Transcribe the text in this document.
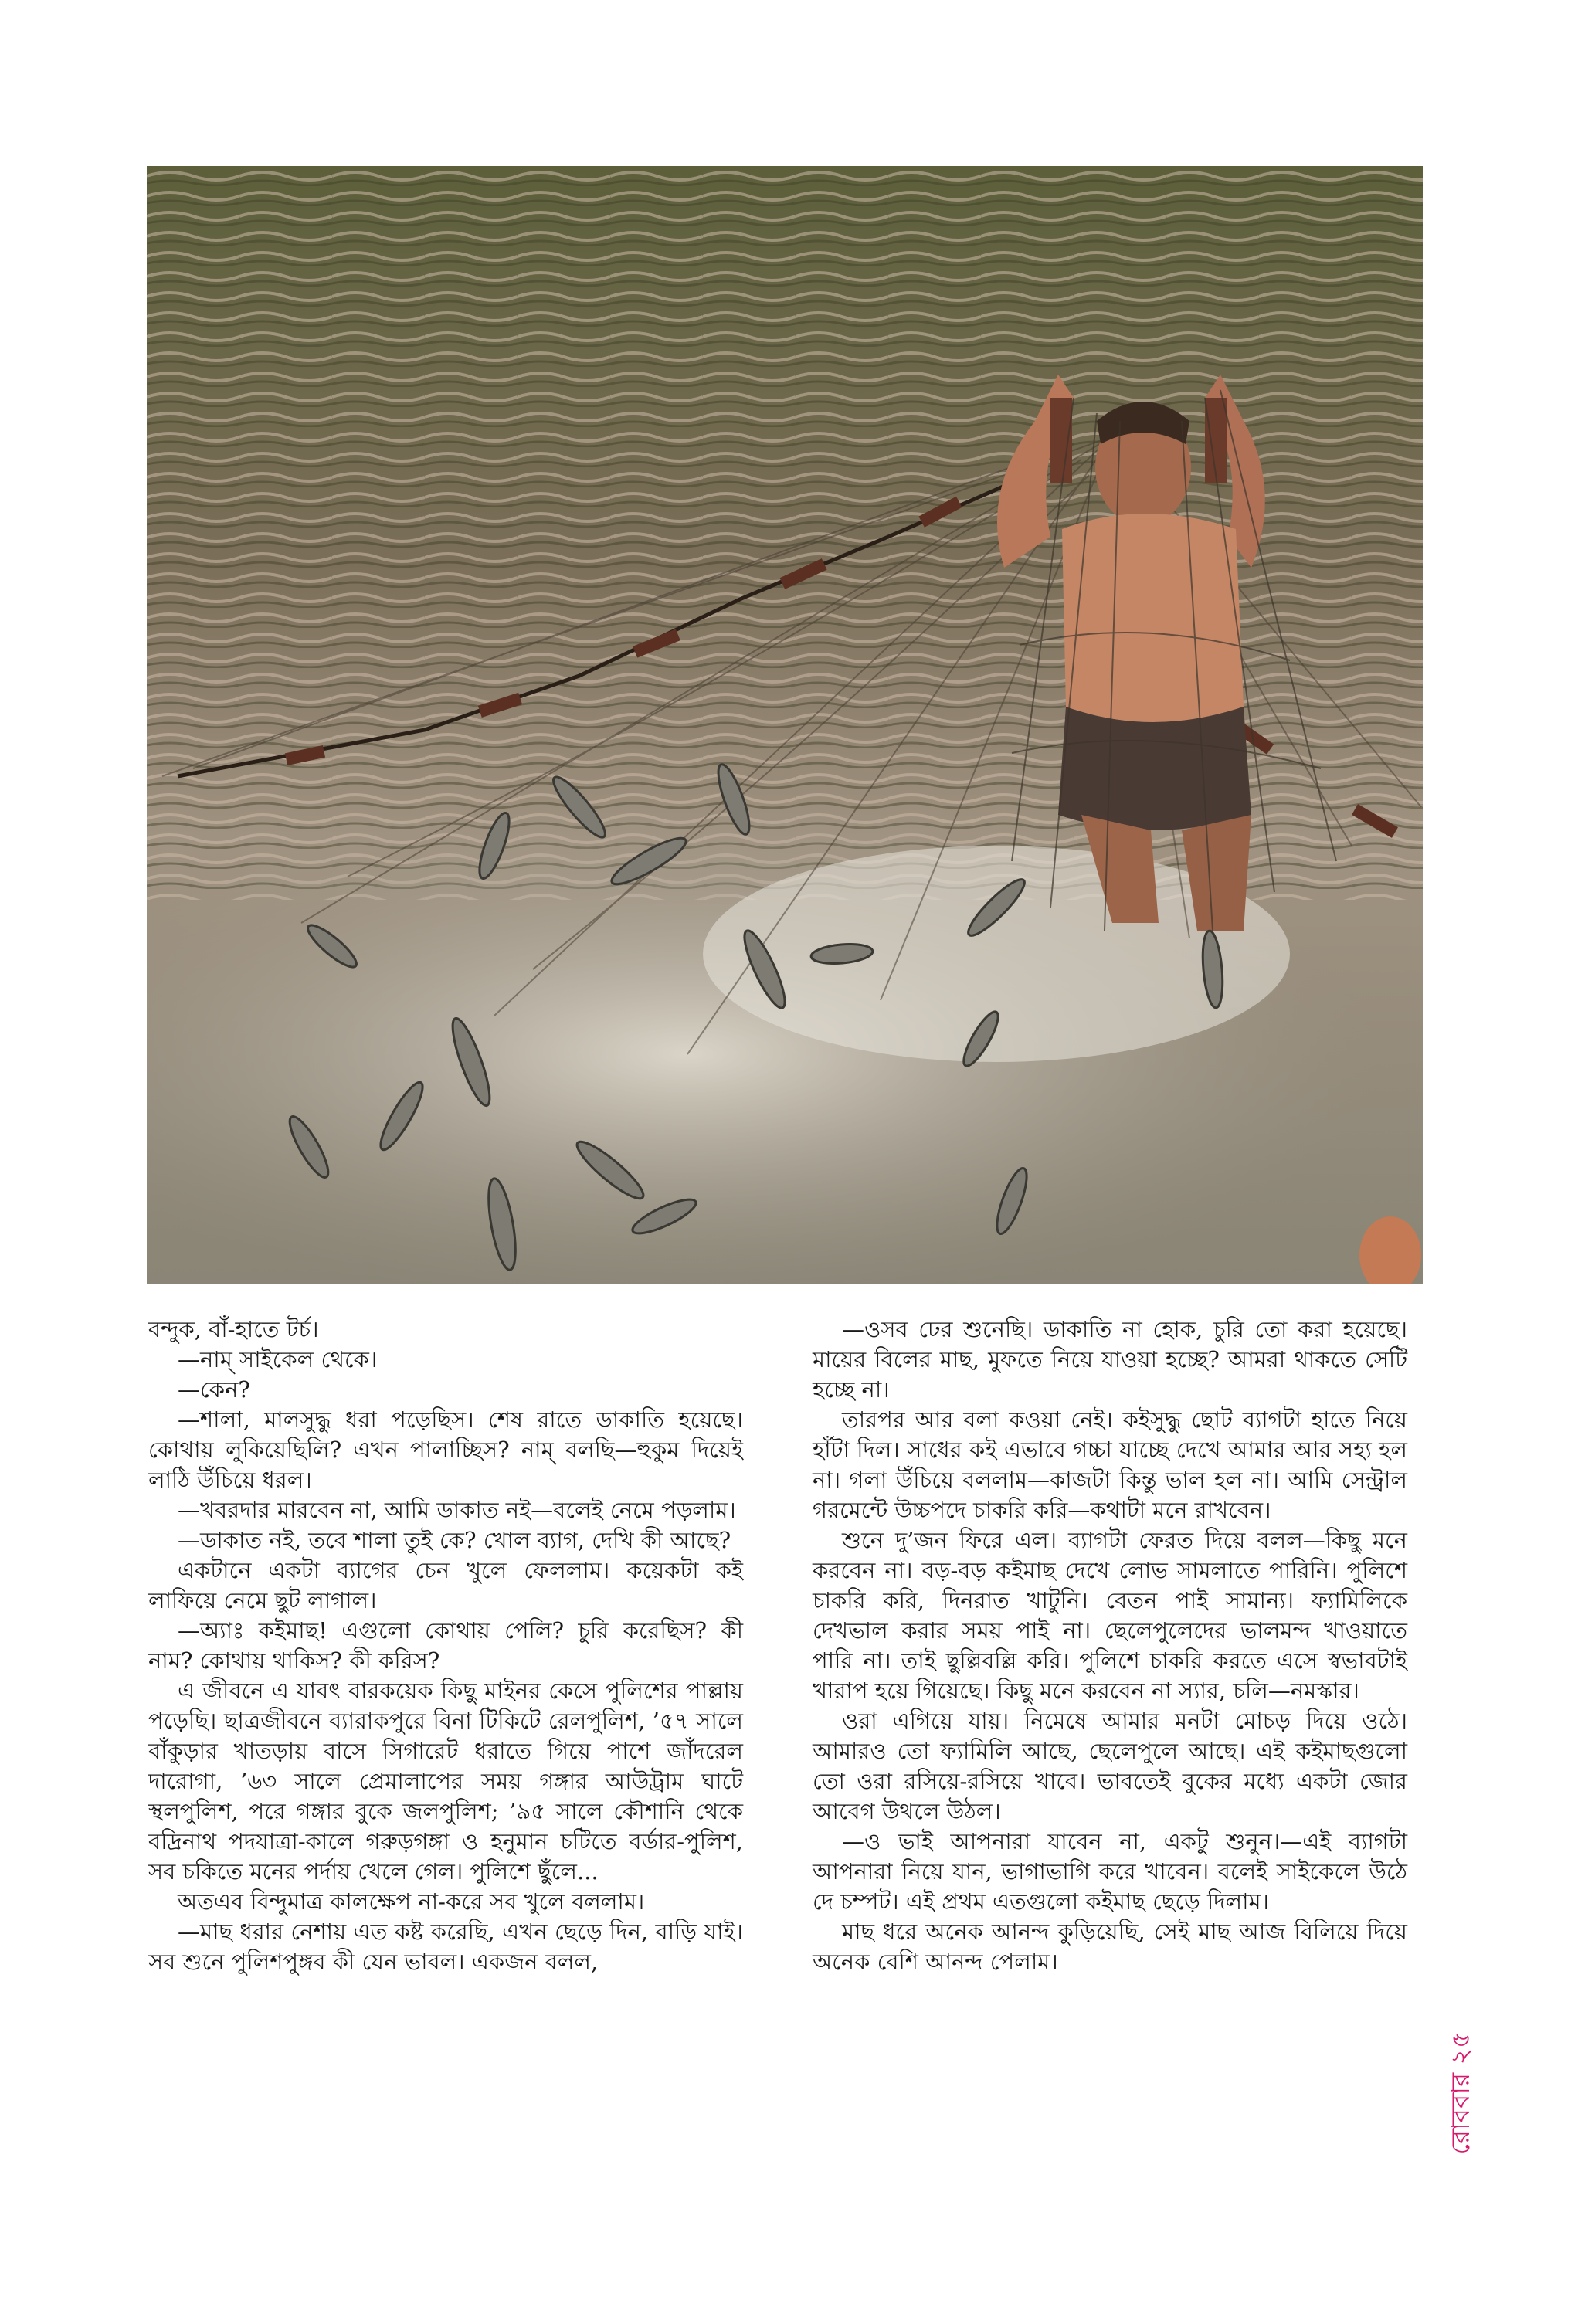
বন্দুক, বাঁ-হাতে টর্চ।

—নাম্‌ সাইকেল থেকে।

—কেন?

—শালা, মালসুদ্ধু ধরা পড়েছিস। শেষ রাতে ডাকাতি হয়েছে। কোথায় লুকিয়েছিলি? এখন পালাচ্ছিস? নাম্‌ বলছি—হুকুম দিয়েই লাঠি উঁচিয়ে ধরল।

—খবরদার মারবেন না, আমি ডাকাত নই—বলেই নেমে পড়লাম।

—ডাকাত নই, তবে শালা তুই কে? খোল ব্যাগ, দেখি কী আছে?

একটানে একটা ব্যাগের চেন খুলে ফেললাম। কয়েকটা কই লাফিয়ে নেমে ছুট লাগাল।

—অ্যাঃ কইমাছ! এগুলো কোথায় পেলি? চুরি করেছিস? কী নাম? কোথায় থাকিস? কী করিস?

এ জীবনে এ যাবৎ বারকয়েক কিছু মাইনর কেসে পুলিশের পাল্লায় পড়েছি। ছাত্রজীবনে ব্যারাকপুরে বিনা টিকিটে রেলপুলিশ, ’৫৭ সালে বাঁকুড়ার খাতড়ায় বাসে সিগারেট ধরাতে গিয়ে পাশে জাঁদরেল দারোগা, ’৬৩ সালে প্রেমালাপের সময় গঙ্গার আউট্রাম ঘাটে স্থলপুলিশ, পরে গঙ্গার বুকে জলপুলিশ; ’৯৫ সালে কৌশানি থেকে বদ্রিনাথ পদযাত্রা-কালে গরুড়গঙ্গা ও হনুমান চটিতে বর্ডার-পুলিশ, সব চকিতে মনের পর্দায় খেলে গেল। পুলিশে ছুঁলে...

অতএব বিন্দুমাত্র কালক্ষেপ না-করে সব খুলে বললাম।

—মাছ ধরার নেশায় এত কষ্ট করেছি, এখন ছেড়ে দিন, বাড়ি যাই। সব শুনে পুলিশপুঙ্গব কী যেন ভাবল। একজন বলল,

—ওসব ঢের শুনেছি। ডাকাতি না হোক, চুরি তো করা হয়েছে। মায়ের বিলের মাছ, মুফতে নিয়ে যাওয়া হচ্ছে? আমরা থাকতে সেটি হচ্ছে না।

তারপর আর বলা কওয়া নেই। কইসুদ্ধু ছোট ব্যাগটা হাতে নিয়ে হাঁটা দিল। সাধের কই এভাবে গচ্চা যাচ্ছে দেখে আমার আর সহ্য হল না। গলা উঁচিয়ে বললাম—কাজটা কিন্তু ভাল হল না। আমি সেন্ট্রাল গরমেন্টে উচ্চপদে চাকরি করি—কথাটা মনে রাখবেন।

শুনে দু’জন ফিরে এল। ব্যাগটা ফেরত দিয়ে বলল—কিছু মনে করবেন না। বড়-বড় কইমাছ দেখে লোভ সামলাতে পারিনি। পুলিশে চাকরি করি, দিনরাত খাটুনি। বেতন পাই সামান্য। ফ্যামিলিকে দেখভাল করার সময় পাই না। ছেলেপুলেদের ভালমন্দ খাওয়াতে পারি না। তাই ছুল্লিবল্লি করি। পুলিশে চাকরি করতে এসে স্বভাবটাই খারাপ হয়ে গিয়েছে। কিছু মনে করবেন না স্যার, চলি—নমস্কার।

ওরা এগিয়ে যায়। নিমেষে আমার মনটা মোচড় দিয়ে ওঠে। আমারও তো ফ্যামিলি আছে, ছেলেপুলে আছে। এই কইমাছগুলো তো ওরা রসিয়ে-রসিয়ে খাবে। ভাবতেই বুকের মধ্যে একটা জোর আবেগ উথলে উঠল।

—ও ভাই আপনারা যাবেন না, একটু শুনুন।—এই ব্যাগটা আপনারা নিয়ে যান, ভাগাভাগি করে খাবেন। বলেই সাইকেলে উঠে দে চম্পট। এই প্রথম এতগুলো কইমাছ ছেড়ে দিলাম।

মাছ ধরে অনেক আনন্দ কুড়িয়েছি, সেই মাছ আজ বিলিয়ে দিয়ে অনেক বেশি আনন্দ পেলাম।

রোববার ২৫
